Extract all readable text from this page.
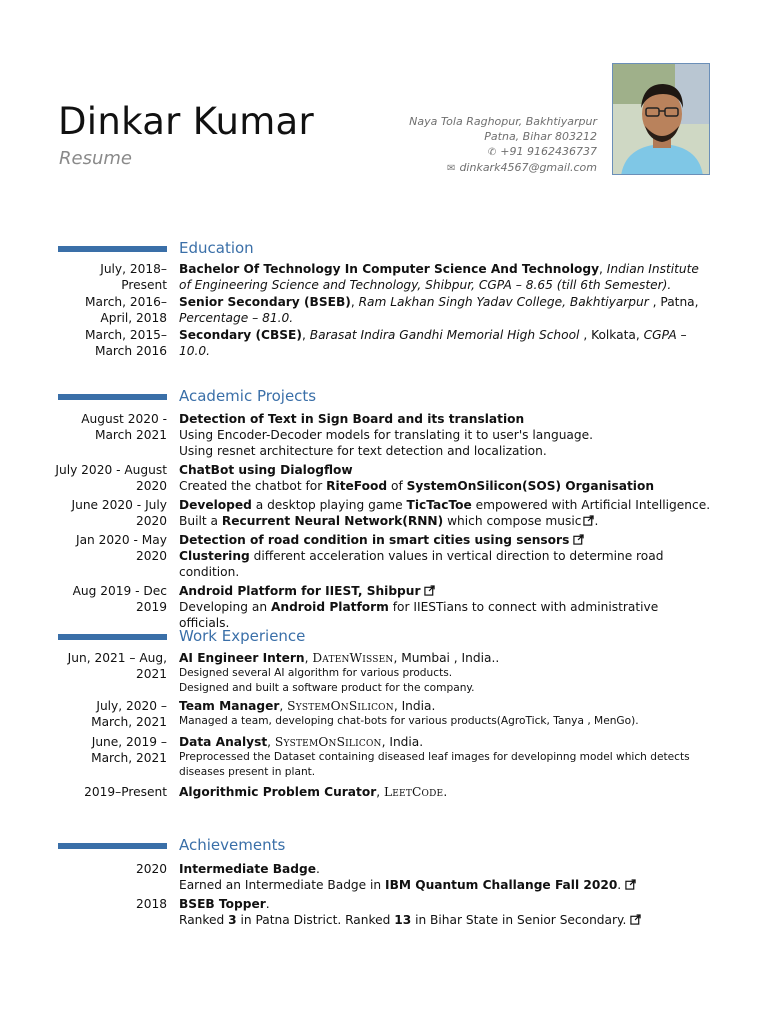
Dinkar Kumar
Resume
Naya Tola Raghopur, Bakhtiyarpur
Patna, Bihar 803212
✆ +91 9162436737
✉ dinkark4567@gmail.com
Education
July, 2018–
Present
Bachelor Of Technology In Computer Science And Technology, Indian Institute of Engineering Science and Technology, Shibpur, CGPA – 8.65 (till 6th Semester).
March, 2016–
April, 2018
Senior Secondary (BSEB), Ram Lakhan Singh Yadav College, Bakhtiyarpur , Patna, Percentage – 81.0.
March, 2015–
March 2016
Secondary (CBSE), Barasat Indira Gandhi Memorial High School , Kolkata, CGPA – 10.0.
Academic Projects
August 2020 -
March 2021
Detection of Text in Sign Board and its translation
Using Encoder-Decoder models for translating it to user's language.
Using resnet architecture for text detection and localization.
July 2020 - August
2020
ChatBot using Dialogflow
Created the chatbot for RiteFood of SystemOnSilicon(SOS) Organisation
June 2020 - July
2020
Developed a desktop playing game TicTacToe empowered with Artificial Intelligence.
Built a Recurrent Neural Network(RNN) which compose music .
Jan 2020 - May
2020
Detection of road condition in smart cities using sensors
Clustering different acceleration values in vertical direction to determine road condition.
Aug 2019 - Dec
2019
Android Platform for IIEST, Shibpur
Developing an Android Platform for IIESTians to connect with administrative officials.
Work Experience
Jun, 2021 – Aug,
2021
AI Engineer Intern, DatenWissen, Mumbai , India..
Designed several AI algorithm for various products.
Designed and built a software product for the company.
July, 2020 –
March, 2021
Team Manager, SystemOnSilicon, India.
Managed a team, developing chat-bots for various products(AgroTick, Tanya , MenGo).
June, 2019 –
March, 2021
Data Analyst, SystemOnSilicon, India.
Preprocessed the Dataset containing diseased leaf images for developinng model which detects
diseases present in plant.
2019–Present Algorithmic Problem Curator, LeetCode.
Achievements
2020 Intermediate Badge.
Earned an Intermediate Badge in IBM Quantum Challange Fall 2020.
2018 BSEB Topper.
Ranked 3 in Patna District. Ranked 13 in Bihar State in Senior Secondary.
